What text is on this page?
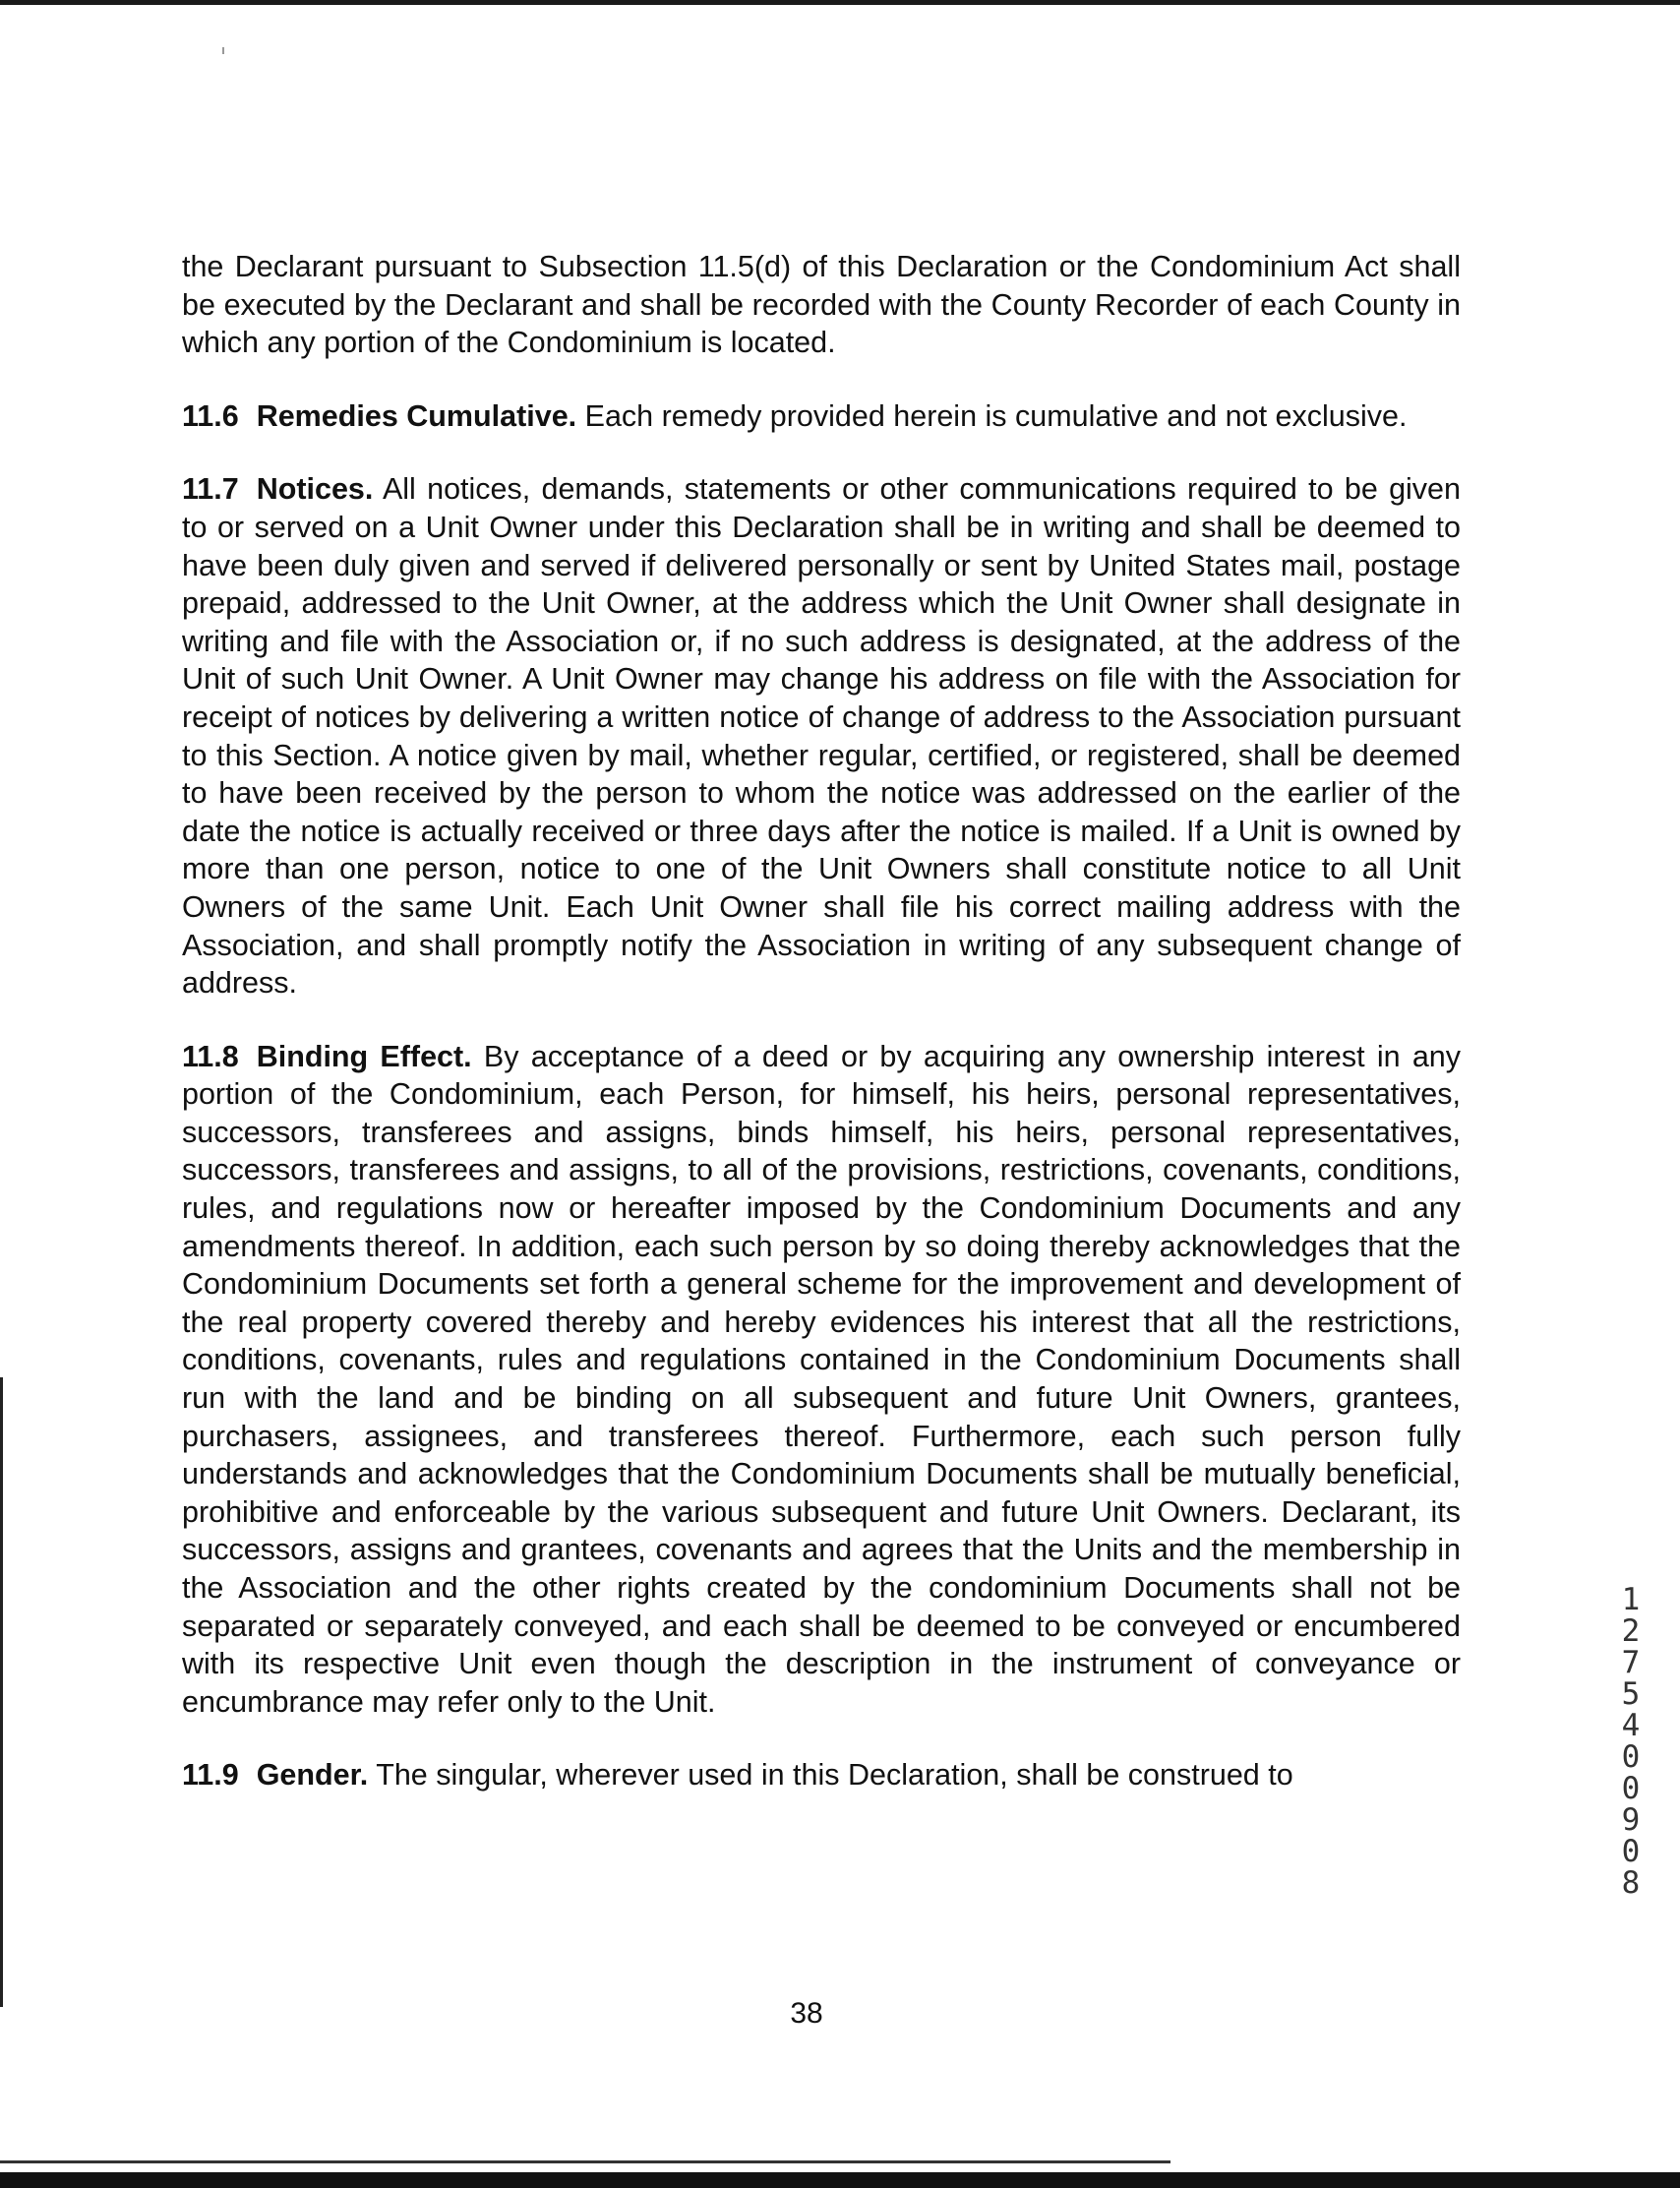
the Declarant pursuant to Subsection 11.5(d) of this Declaration or the Condominium Act shall be executed by the Declarant and shall be recorded with the County Recorder of each County in which any portion of the Condominium is located.

11.6 Remedies Cumulative. Each remedy provided herein is cumulative and not exclusive.

11.7 Notices. All notices, demands, statements or other communications required to be given to or served on a Unit Owner under this Declaration shall be in writing and shall be deemed to have been duly given and served if delivered personally or sent by United States mail, postage prepaid, addressed to the Unit Owner, at the address which the Unit Owner shall designate in writing and file with the Association or, if no such address is designated, at the address of the Unit of such Unit Owner. A Unit Owner may change his address on file with the Association for receipt of notices by delivering a written notice of change of address to the Association pursuant to this Section. A notice given by mail, whether regular, certified, or registered, shall be deemed to have been received by the person to whom the notice was addressed on the earlier of the date the notice is actually received or three days after the notice is mailed. If a Unit is owned by more than one person, notice to one of the Unit Owners shall constitute notice to all Unit Owners of the same Unit. Each Unit Owner shall file his correct mailing address with the Association, and shall promptly notify the Association in writing of any subsequent change of address.

11.8 Binding Effect. By acceptance of a deed or by acquiring any ownership interest in any portion of the Condominium, each Person, for himself, his heirs, personal representatives, successors, transferees and assigns, binds himself, his heirs, personal representatives, successors, transferees and assigns, to all of the provisions, restrictions, covenants, conditions, rules, and regulations now or hereafter imposed by the Condominium Documents and any amendments thereof. In addition, each such person by so doing thereby acknowledges that the Condominium Documents set forth a general scheme for the improvement and development of the real property covered thereby and hereby evidences his interest that all the restrictions, conditions, covenants, rules and regulations contained in the Condominium Documents shall run with the land and be binding on all subsequent and future Unit Owners, grantees, purchasers, assignees, and transferees thereof. Furthermore, each such person fully understands and acknowledges that the Condominium Documents shall be mutually beneficial, prohibitive and enforceable by the various subsequent and future Unit Owners. Declarant, its successors, assigns and grantees, covenants and agrees that the Units and the membership in the Association and the other rights created by the condominium Documents shall not be separated or separately conveyed, and each shall be deemed to be conveyed or encumbered with its respective Unit even though the description in the instrument of conveyance or encumbrance may refer only to the Unit.

11.9 Gender. The singular, wherever used in this Declaration, shall be construed to

38
12754 00908
